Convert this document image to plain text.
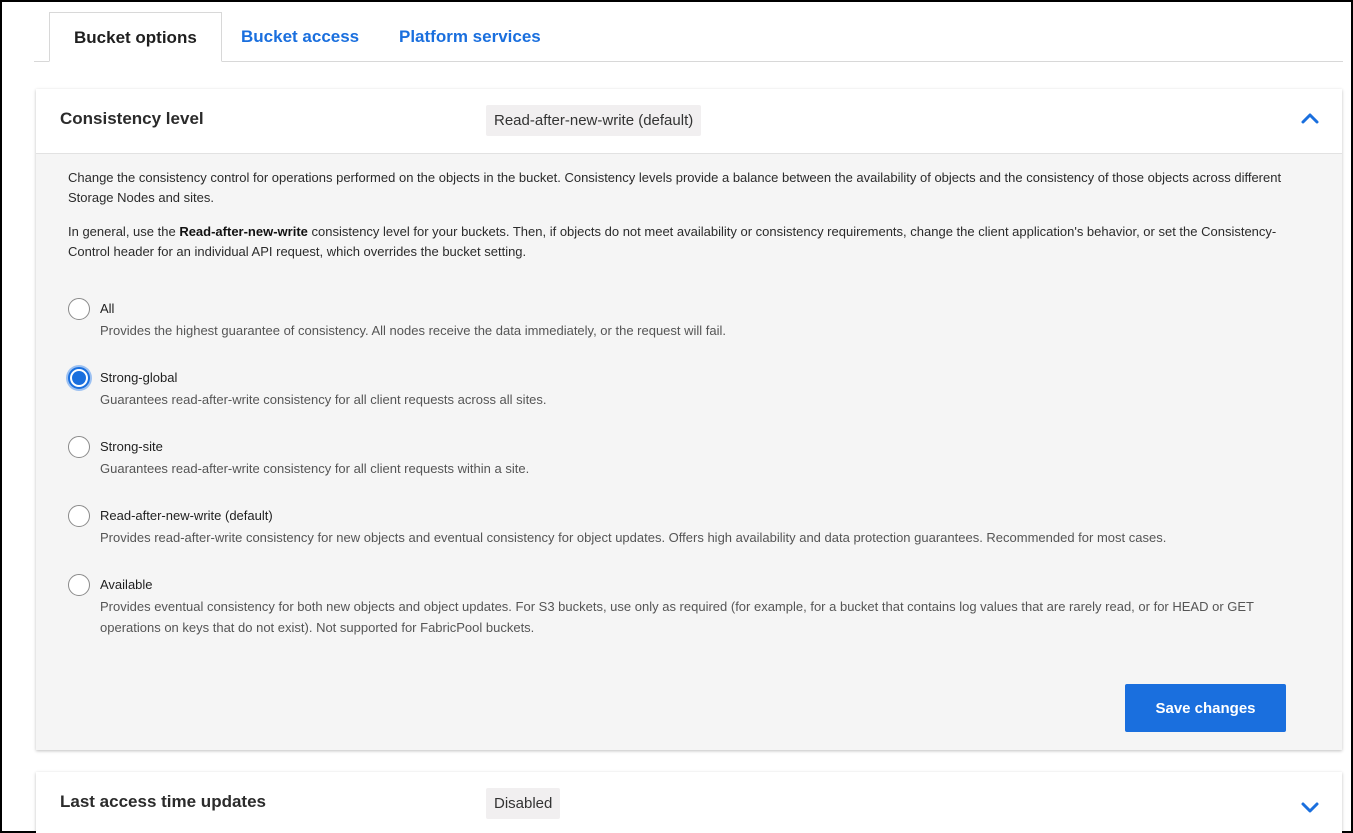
Bucket options	Bucket access Platform services
Consistency level	Read-after-new-write (default)

Change the consistency control for operations performed on the objects in the bucket. Consistency levels provide a balance between the availability of objects and the consistency of those objects across different Storage Nodes and sites.

In general, use the Read-after-new-write consistency level for your buckets. Then, if objects do not meet availability or consistency requirements, change the client application's behavior, or set the Consistency-Control header for an individual API request, which overrides the bucket setting.

All
Provides the highest guarantee of consistency. All nodes receive the data immediately, or the request will fail.
Strong-global
Guarantees read-after-write consistency for all client requests across all sites.
Strong-site
Guarantees read-after-write consistency for all client requests within a site.
Read-after-new-write (default)
Provides read-after-write consistency for new objects and eventual consistency for object updates. Offers high availability and data protection guarantees. Recommended for most cases.
Available
Provides eventual consistency for both new objects and object updates. For S3 buckets, use only as required (for example, for a bucket that contains log values that are rarely read, or for HEAD or GET operations on keys that do not exist). Not supported for FabricPool buckets.
Save changes
Last access time updates	Disabled
